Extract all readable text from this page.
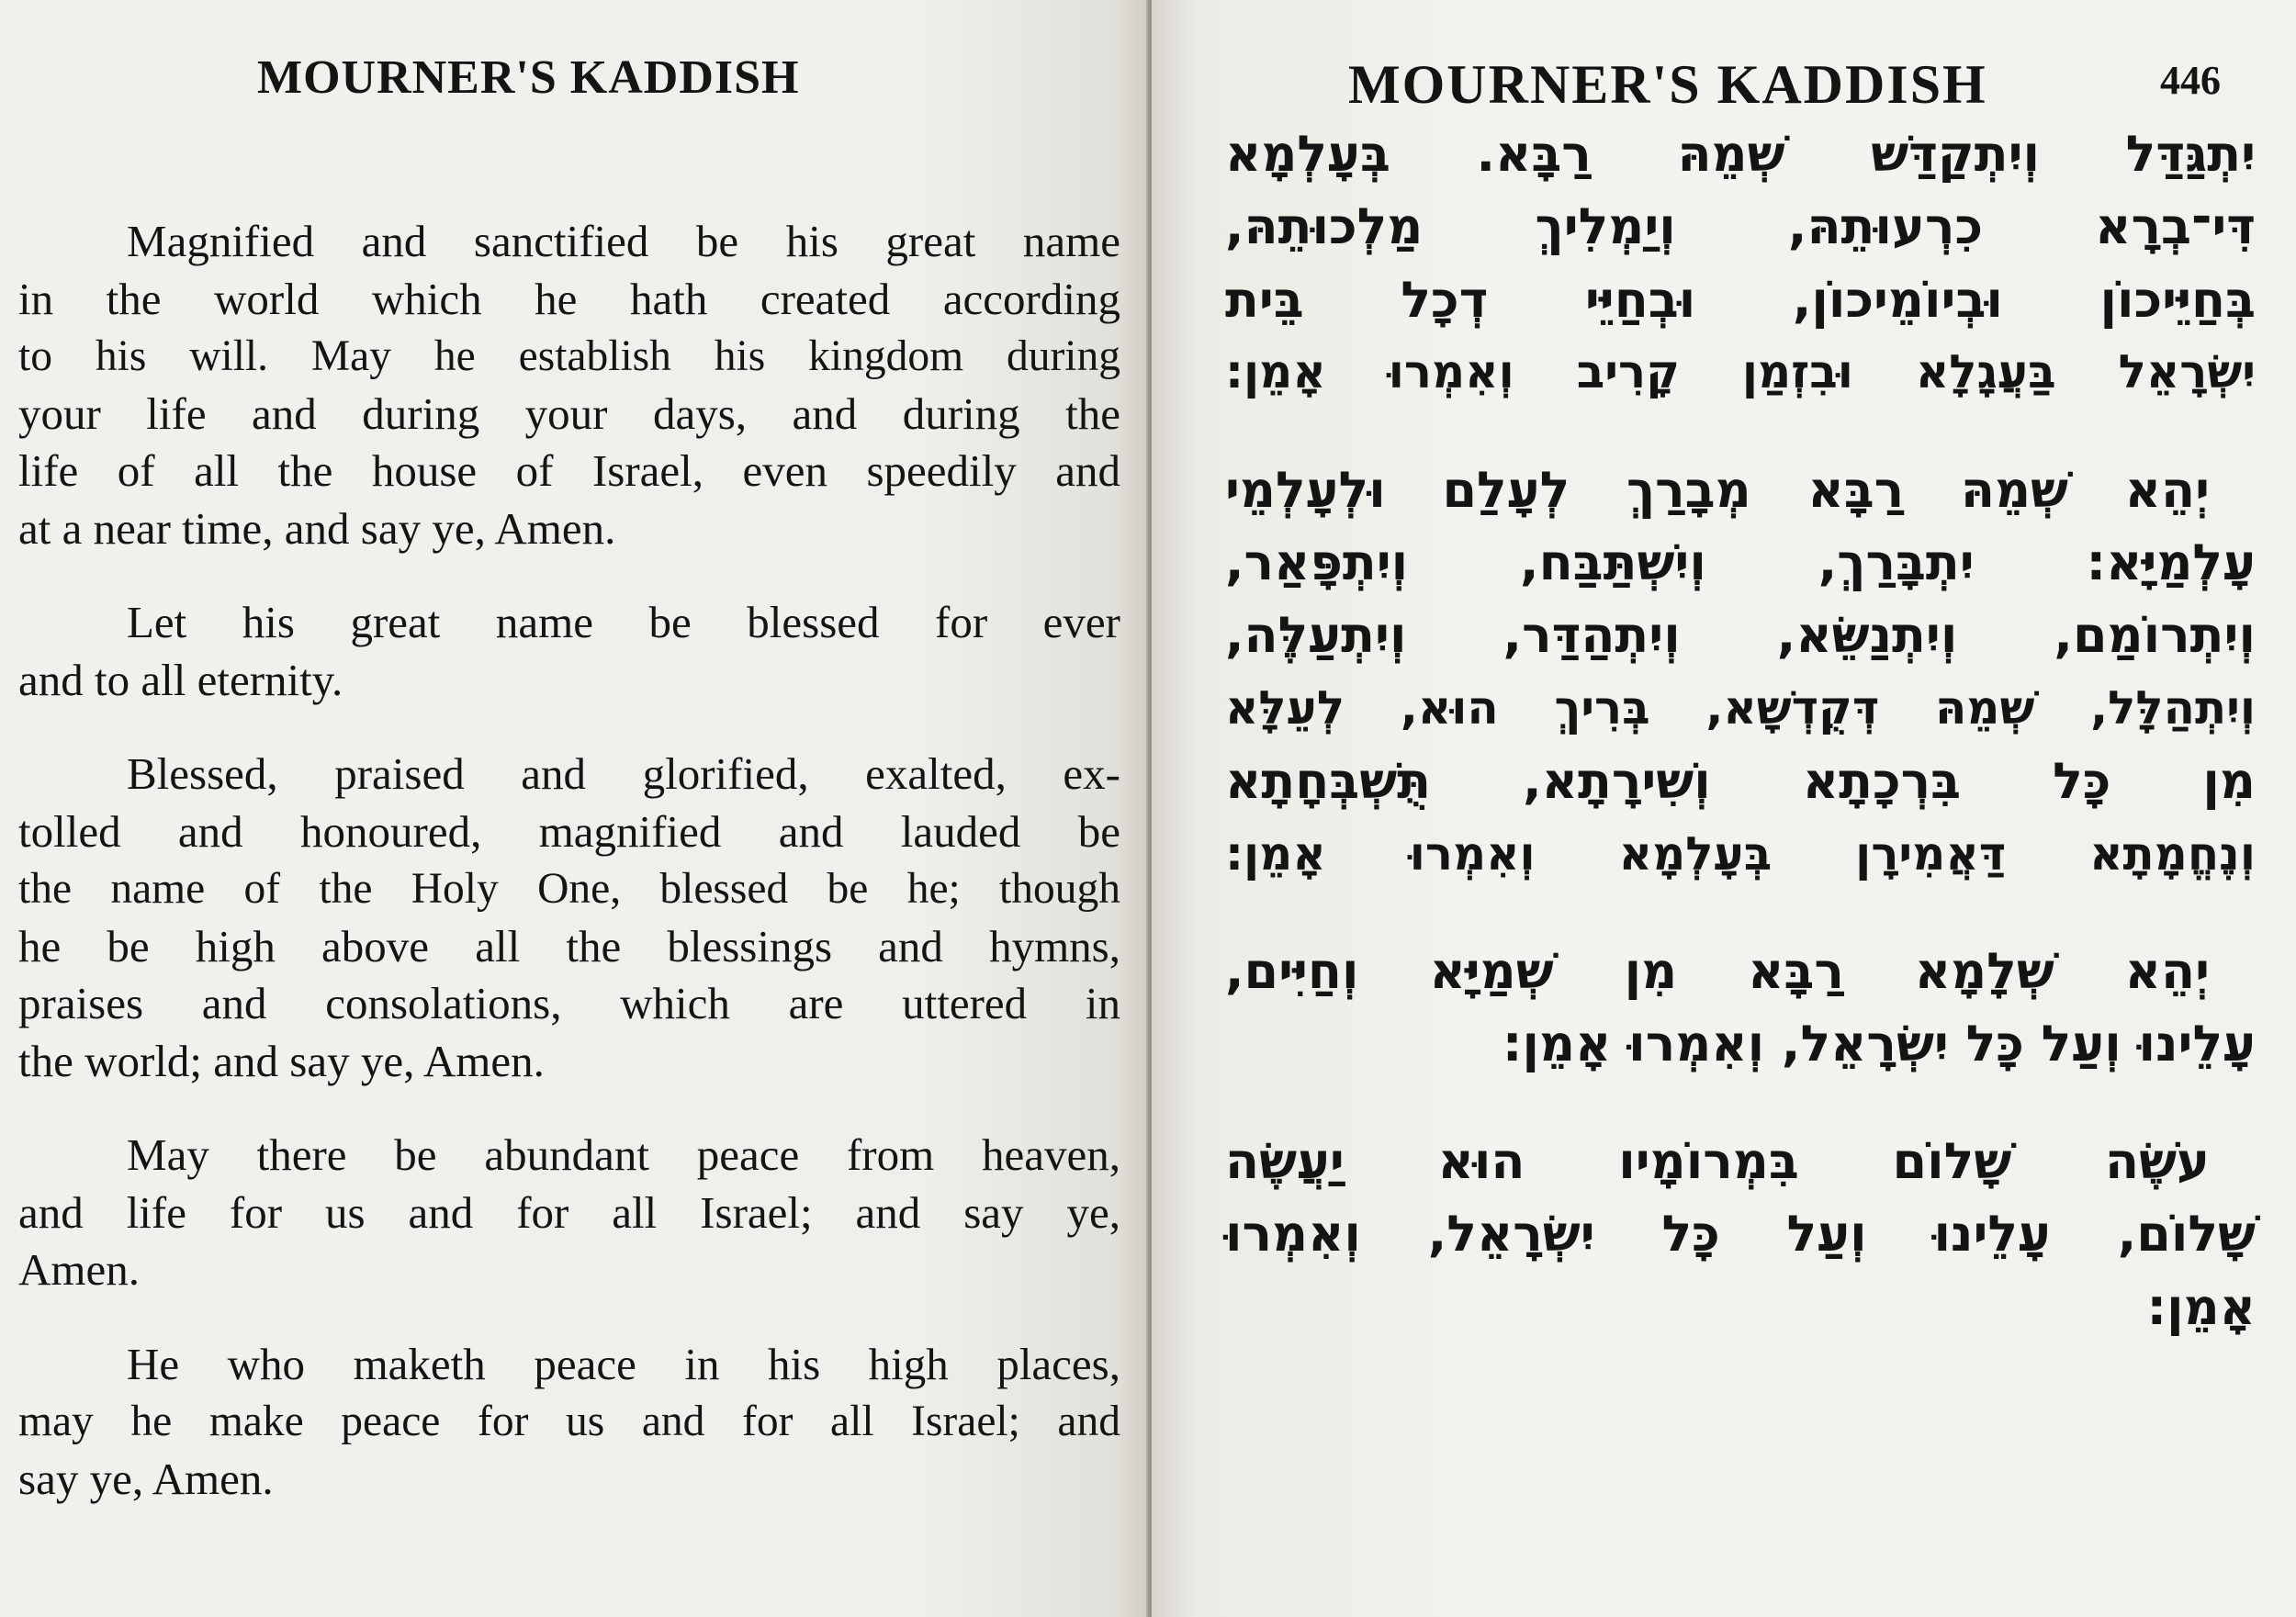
MOURNER'S KADDISH
Magnified and sanctified be his great name
in the world which he hath created according
to his will. May he establish his kingdom during
your life and during your days, and during the
life of all the house of Israel, even speedily and
at a near time, and say ye, Amen.
Let his great name be blessed for ever
and to all eternity.
Blessed, praised and glorified, exalted, ex-
tolled and honoured, magnified and lauded be
the name of the Holy One, blessed be he; though
he be high above all the blessings and hymns,
praises and consolations, which are uttered in
the world; and say ye, Amen.
May there be abundant peace from heaven,
and life for us and for all Israel; and say ye,
Amen.
He who maketh peace in his high places,
may he make peace for us and for all Israel; and
say ye, Amen.
MOURNER'S KADDISH	446
יִתְגַּדַּל וְיִתְקַדַּשׁ שְׁמֵהּ רַבָּא. בְּעָלְמָא
דִּי־בְרָא כִרְעוּתֵהּ, וְיַמְלִיךְ מַלְכוּתֵהּ,
בְּחַיֵּיכוֹן וּבְיוֹמֵיכוֹן, וּבְחַיֵּי דְכָל בֵּית
יִשְׂרָאֵל בַּעֲגָלָא וּבִזְמַן קָרִיב וְאִמְרוּ אָמֵן:
יְהֵא שְׁמֵהּ רַבָּא מְבָרַךְ לְעָלַם וּלְעָלְמֵי
עָלְמַיָּא: יִתְבָּרַךְ, וְיִשְׁתַּבַּח, וְיִתְפָּאַר,
וְיִתְרוֹמַם, וְיִתְנַשֵּׂא, וְיִתְהַדַּר, וְיִתְעַלֶּה,
וְיִתְהַלָּל, שְׁמֵהּ דְּקֻדְשָׁא, בְּרִיךְ הוּא, לְעֵלָּא
מִן כָּל בִּרְכָתָא וְשִׁירָתָא, תֻּשְׁבְּחָתָא
וְנֶחֱמָתָא דַּאֲמִירָן בְּעָלְמָא וְאִמְרוּ אָמֵן:
יְהֵא שְׁלָמָא רַבָּא מִן שְׁמַיָּא וְחַיִּים,
עָלֵינוּ וְעַל כָּל יִשְׂרָאֵל, וְאִמְרוּ אָמֵן:
עֹשֶׂה שָׁלוֹם בִּמְרוֹמָיו הוּא יַעֲשֶׂה
שָׁלוֹם, עָלֵינוּ וְעַל כָּל יִשְׂרָאֵל, וְאִמְרוּ
אָמֵן:
